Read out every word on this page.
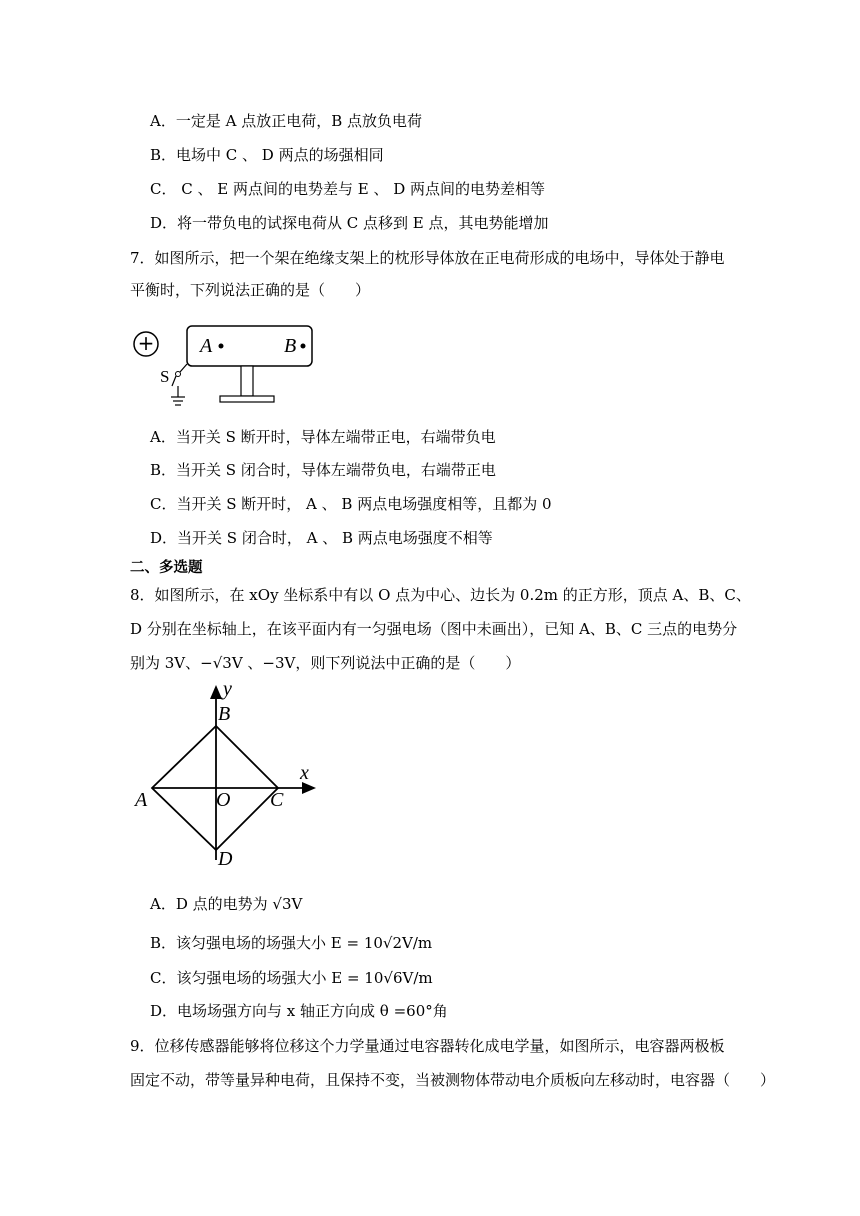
A．一定是 A 点放正电荷，B 点放负电荷
B．电场中 C 、 D 两点的场强相同
C． C 、 E 两点间的电势差与 E 、 D 两点间的电势差相等
D．将一带负电的试探电荷从 C 点移到 E 点，其电势能增加
7．如图所示，把一个架在绝缘支架上的枕形导体放在正电荷形成的电场中，导体处于静电
平衡时，下列说法正确的是（　　）
+ A	B
S
A．当开关 S 断开时，导体左端带正电，右端带负电
B．当开关 S 闭合时，导体左端带负电，右端带正电
C．当开关 S 断开时， A 、 B 两点电场强度相等，且都为 0
D．当开关 S 闭合时， A 、 B 两点电场强度不相等
二、多选题
8．如图所示，在 xOy 坐标系中有以 O 点为中心、边长为 0.2m 的正方形，顶点 A、B、C、
D 分别在坐标轴上，在该平面内有一匀强电场（图中未画出），已知 A、B、C 三点的电势分
别为 3V、−√3V 、−3V，则下列说法中正确的是（　　）
y
x
B
A	O C
D
A．D 点的电势为 √3V
B．该匀强电场的场强大小 E = 10√2V/m
C．该匀强电场的场强大小 E = 10√6V/m
D．电场场强方向与 x 轴正方向成 θ =60°角
9．位移传感器能够将位移这个力学量通过电容器转化成电学量，如图所示，电容器两极板
固定不动，带等量异种电荷，且保持不变，当被测物体带动电介质板向左移动时，电容器（　　）
